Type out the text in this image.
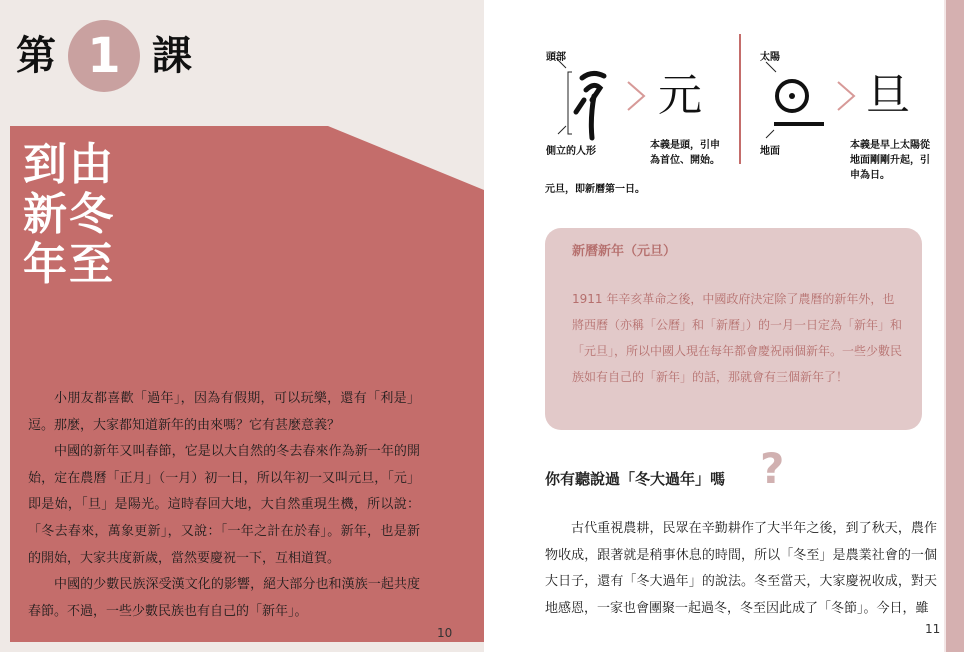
第 1 課
由
冬
至
到
新
年

小朋友都喜歡「過年」，因為有假期，可以玩樂，還有「利是」逗。那麼，大家都知道新年的由來嗎？它有甚麼意義？

中國的新年又叫春節，它是以大自然的冬去春來作為新一年的開始，定在農曆「正月」（一月）初一日，所以年初一又叫元旦，「元」即是始，「旦」是陽光。這時春回大地，大自然重現生機，所以說：「冬去春來，萬象更新」，又說：「一年之計在於春」。新年，也是新的開始，大家共度新歲，當然要慶祝一下，互相道賀。

中國的少數民族深受漢文化的影響，絕大部分也和漢族一起共度春節。不過，一些少數民族也有自己的「新年」。

10
頭部
側立的人形
元
本義是頭，引申
為首位、開始。
太陽
地面
旦
本義是早上太陽從
地面剛剛升起，引
申為日。
元旦，即新曆第一日。
新曆新年（元旦）
1911 年辛亥革命之後，中國政府決定除了農曆的新年外，也將西曆（亦稱「公曆」和「新曆」）的一月一日定為「新年」和「元旦」，所以中國人現在每年都會慶祝兩個新年。一些少數民族如有自己的「新年」的話，那就會有三個新年了！
你有聽說過「冬大過年」嗎 ?

古代重視農耕，民眾在辛勤耕作了大半年之後，到了秋天，農作物收成，跟著就是稍事休息的時間，所以「冬至」是農業社會的一個大日子，還有「冬大過年」的說法。冬至當天，大家慶祝收成，對天地感恩，一家也會團聚一起過冬，冬至因此成了「冬節」。今日，雖

11
